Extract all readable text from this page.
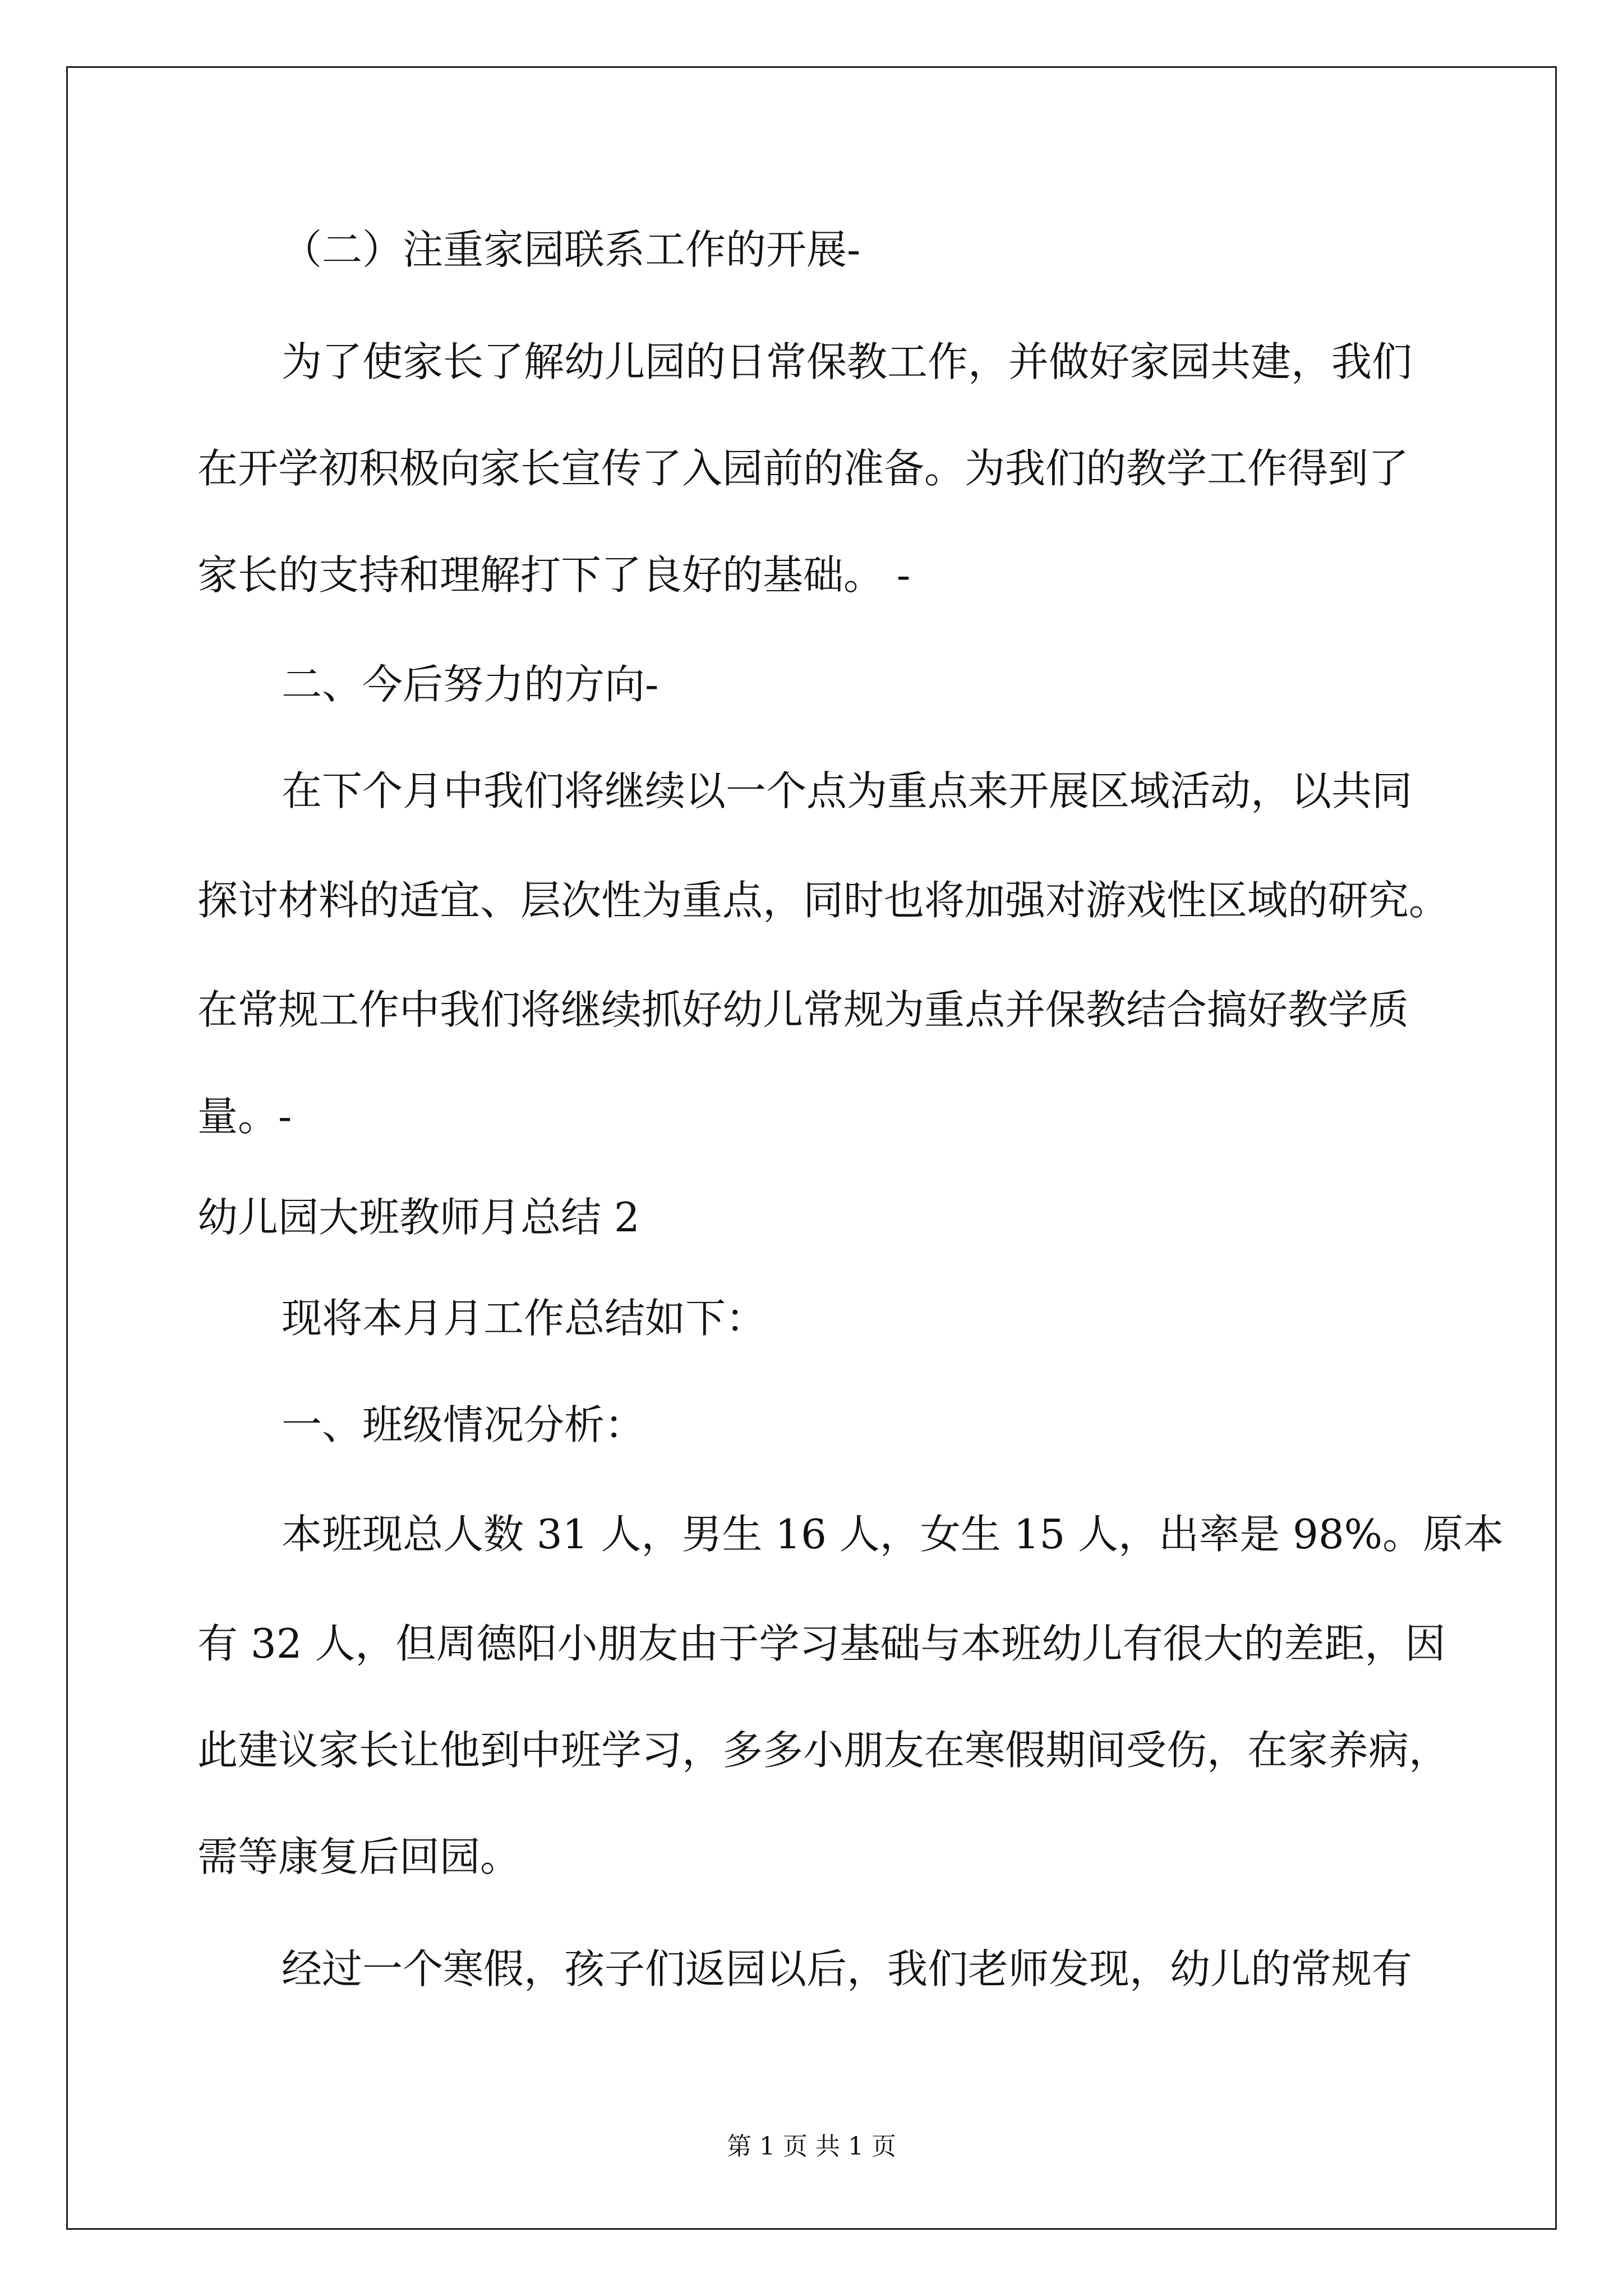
（二）注重家园联系工作的开展-

为了使家长了解幼儿园的日常保教工作，并做好家园共建，我们

在开学初积极向家长宣传了入园前的准备。为我们的教学工作得到了

家长的支持和理解打下了良好的基础。 -

二、今后努力的方向-

在下个月中我们将继续以一个点为重点来开展区域活动，以共同

探讨材料的适宜、层次性为重点，同时也将加强对游戏性区域的研究。

在常规工作中我们将继续抓好幼儿常规为重点并保教结合搞好教学质

量。-

幼儿园大班教师月总结 2

现将本月月工作总结如下：

一、班级情况分析：

本班现总人数 31 人，男生 16 人，女生 15 人，出率是 98%。原本

有 32 人，但周德阳小朋友由于学习基础与本班幼儿有很大的差距，因

此建议家长让他到中班学习，多多小朋友在寒假期间受伤，在家养病，

需等康复后回园。

经过一个寒假，孩子们返园以后，我们老师发现，幼儿的常规有

第 1 页 共 1 页
